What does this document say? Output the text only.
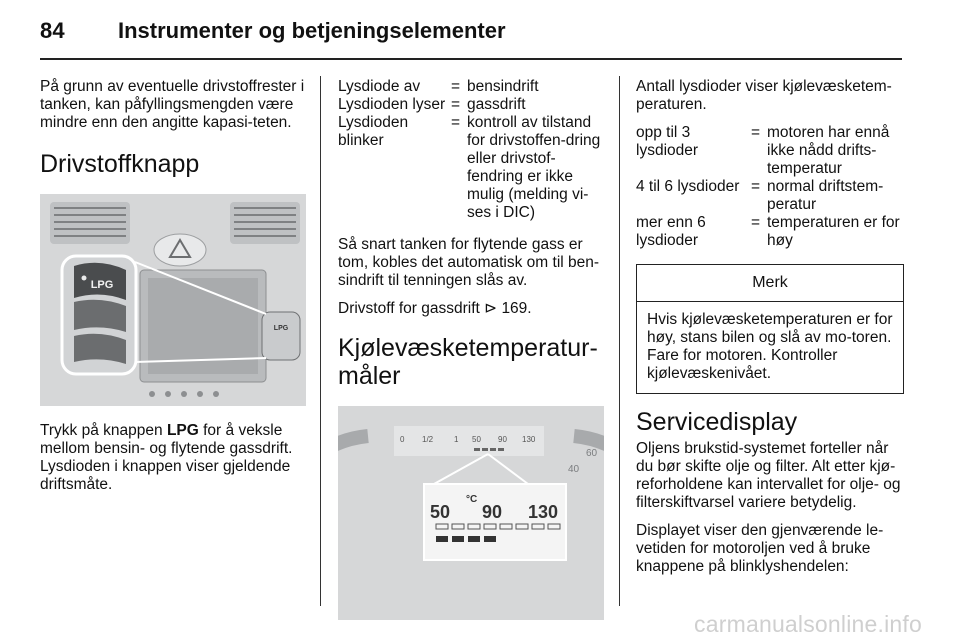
84 Instrumenter og betjeningselementer

På grunn av eventuelle drivstoffrester i tanken, kan påfyllingsmengden være mindre enn den angitte kapasi-teten.

Drivstoffknapp
LPG
LPG

Trykk på knappen LPG for å veksle mellom bensin- og flytende gassdrift. Lysdioden i knappen viser gjeldende driftsmåte.

Lysdiode av	= bensindrift
Lysdioden lyser = gassdrift
Lysdioden blinker
= kontroll av tilstand for drivstoffen-dring eller drivstof-fendring er ikke mulig (melding vi-ses i DIC)

Så snart tanken for flytende gass er tom, kobles det automatisk om til ben-sindrift til tenningen slås av.

Drivstoff for gassdrift ⊳ 169.

Kjølevæsketemperatur-måler
40
60
0 1/2	1 50 90 130
50 90 130
°C

Antall lysdioder viser kjølevæsketem-peraturen.

opp til 3 lysdioder
= motoren har ennå ikke nådd drifts-temperatur
4 til 6 lysdioder = normal driftstem-peratur
mer enn 6 lysdioder
= temperaturen er for høy
Merk
Hvis kjølevæsketemperaturen er for høy, stans bilen og slå av mo-toren. Fare for motoren. Kontroller kjølevæskenivået.
Servicedisplay

Oljens brukstid-systemet forteller når du bør skifte olje og filter. Alt etter kjø-reforholdene kan intervallet for olje- og filterskiftvarsel variere betydelig.

Displayet viser den gjenværende le-vetiden for motoroljen ved å bruke knappene på blinklyshendelen:

carmanualsonline.info
